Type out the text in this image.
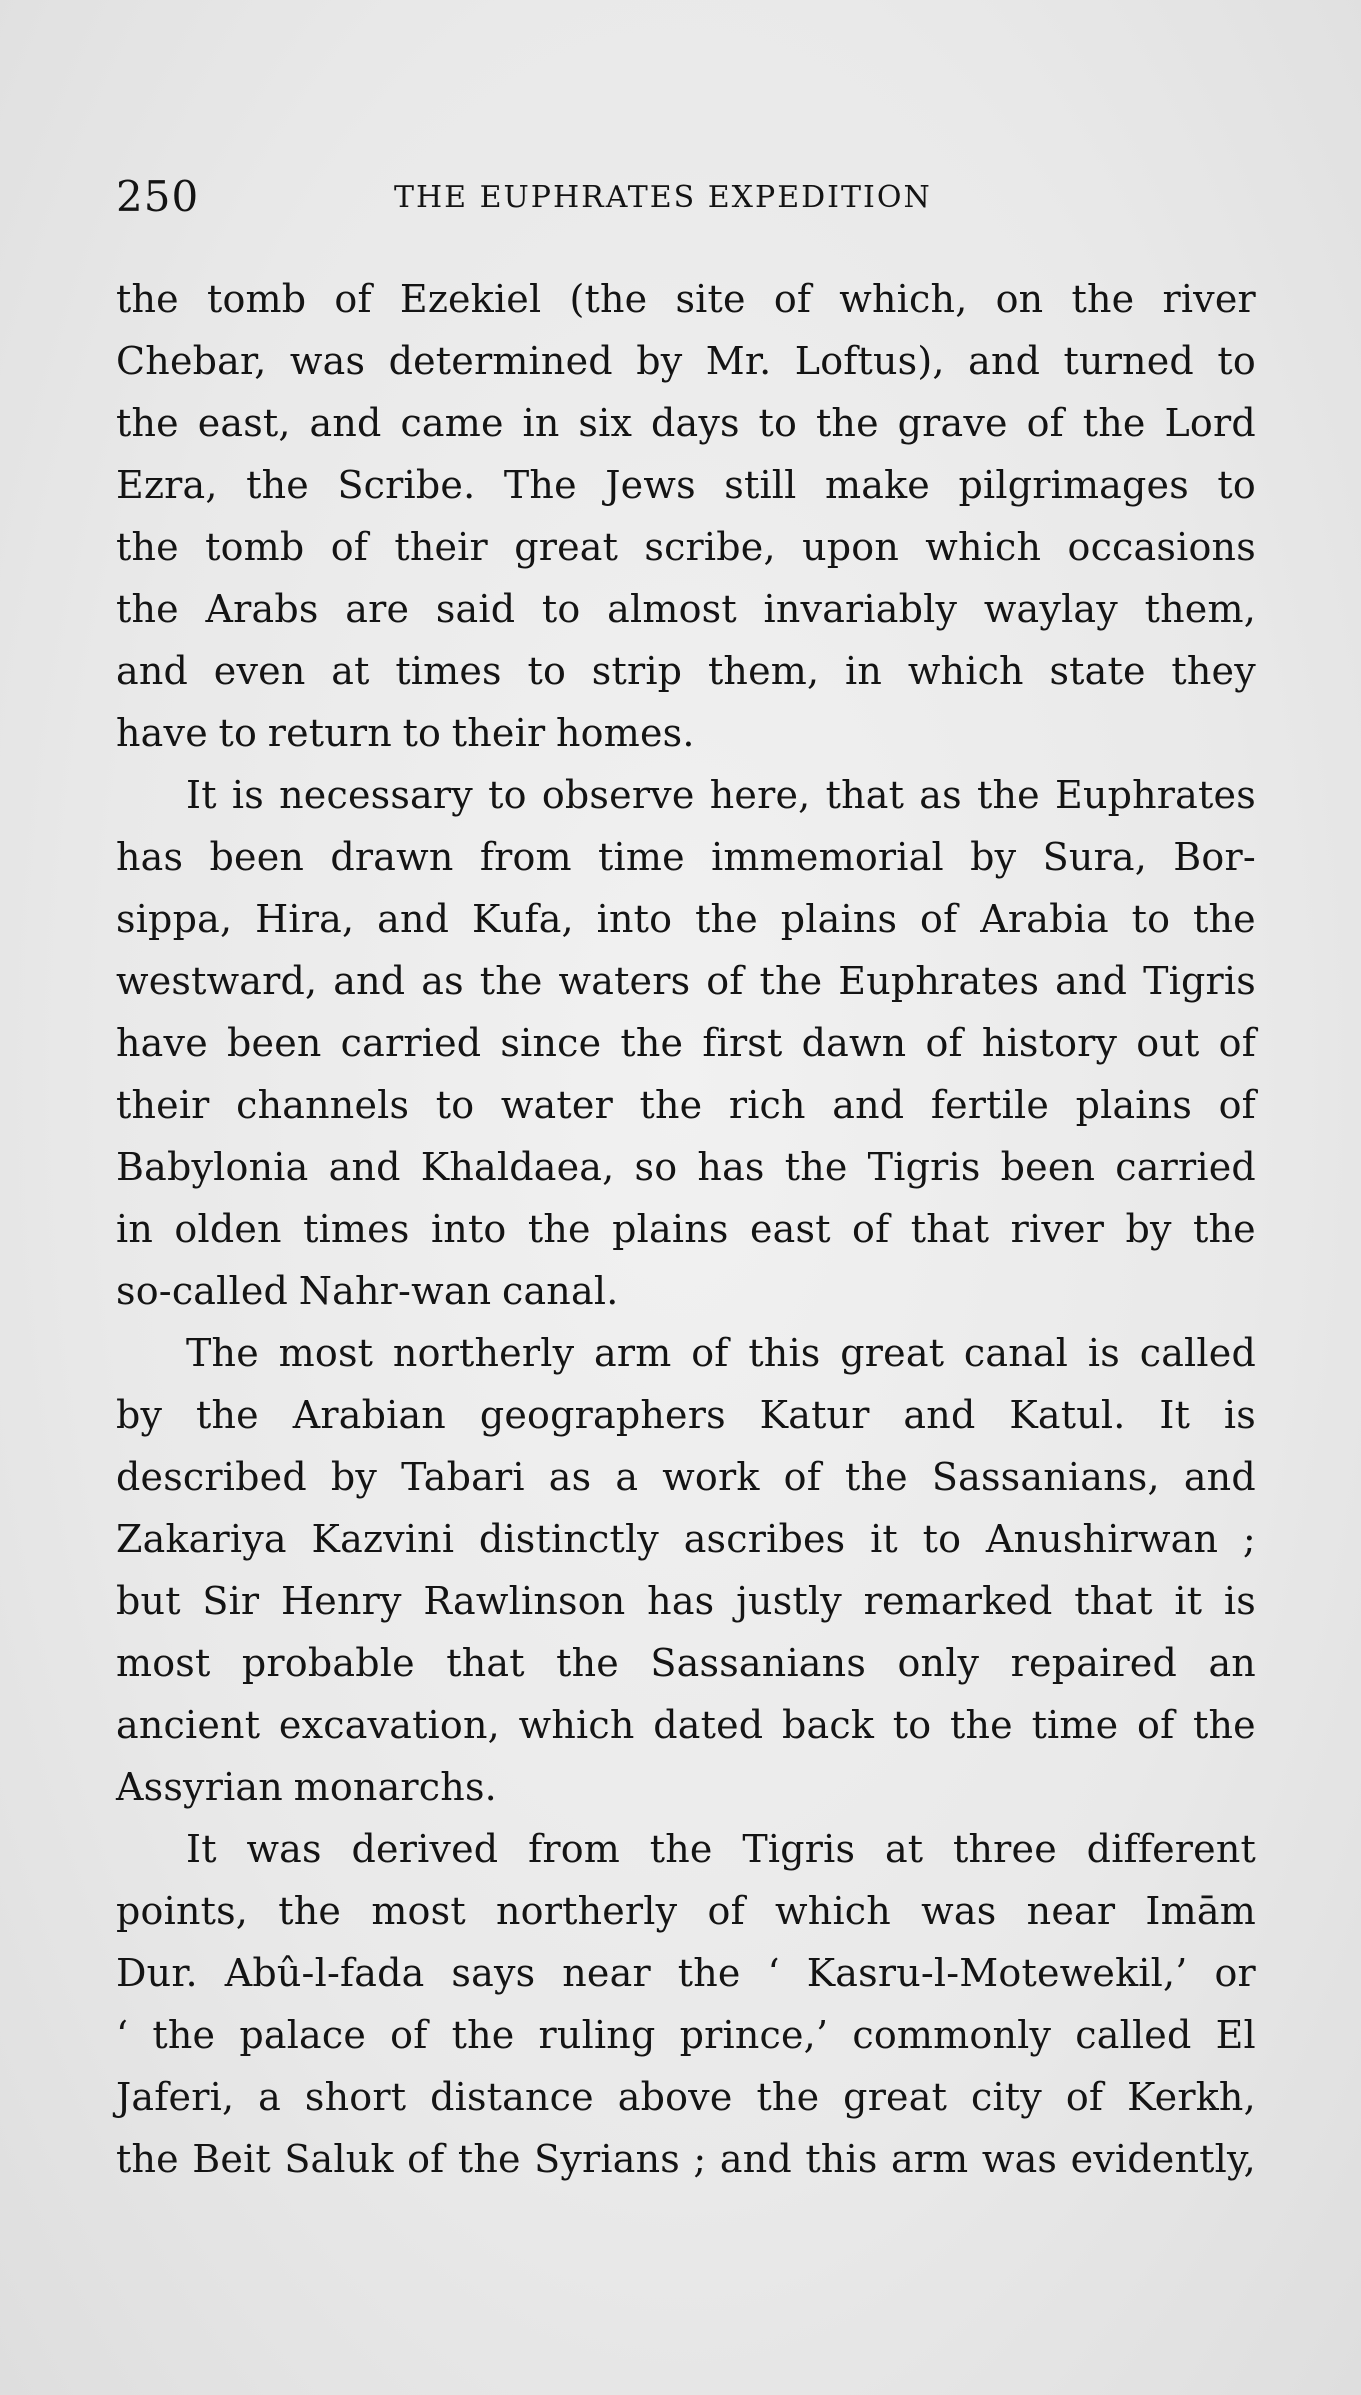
250	THE EUPHRATES EXPEDITION
the tomb of Ezekiel (the site of which, on the river
Chebar, was determined by Mr. Loftus), and turned to
the east, and came in six days to the grave of the Lord
Ezra, the Scribe. The Jews still make pilgrimages to
the tomb of their great scribe, upon which occasions
the Arabs are said to almost invariably waylay them,
and even at times to strip them, in which state they
have to return to their homes.
It is necessary to observe here, that as the Euphrates
has been drawn from time immemorial by Sura, Bor-
sippa, Hira, and Kufa, into the plains of Arabia to the
westward, and as the waters of the Euphrates and Tigris
have been carried since the first dawn of history out of
their channels to water the rich and fertile plains of
Babylonia and Khaldaea, so has the Tigris been carried
in olden times into the plains east of that river by the
so-called Nahr-wan canal.
The most northerly arm of this great canal is called
by the Arabian geographers Katur and Katul. It is
described by Tabari as a work of the Sassanians, and
Zakariya Kazvini distinctly ascribes it to Anushirwan ;
but Sir Henry Rawlinson has justly remarked that it is
most probable that the Sassanians only repaired an
ancient excavation, which dated back to the time of the
Assyrian monarchs.
It was derived from the Tigris at three different
points, the most northerly of which was near Imām
Dur. Abû-l-fada says near the ‘ Kasru-l-Motewekil,’ or
‘ the palace of the ruling prince,’ commonly called El
Jaferi, a short distance above the great city of Kerkh,
the Beit Saluk of the Syrians ; and this arm was evidently,
